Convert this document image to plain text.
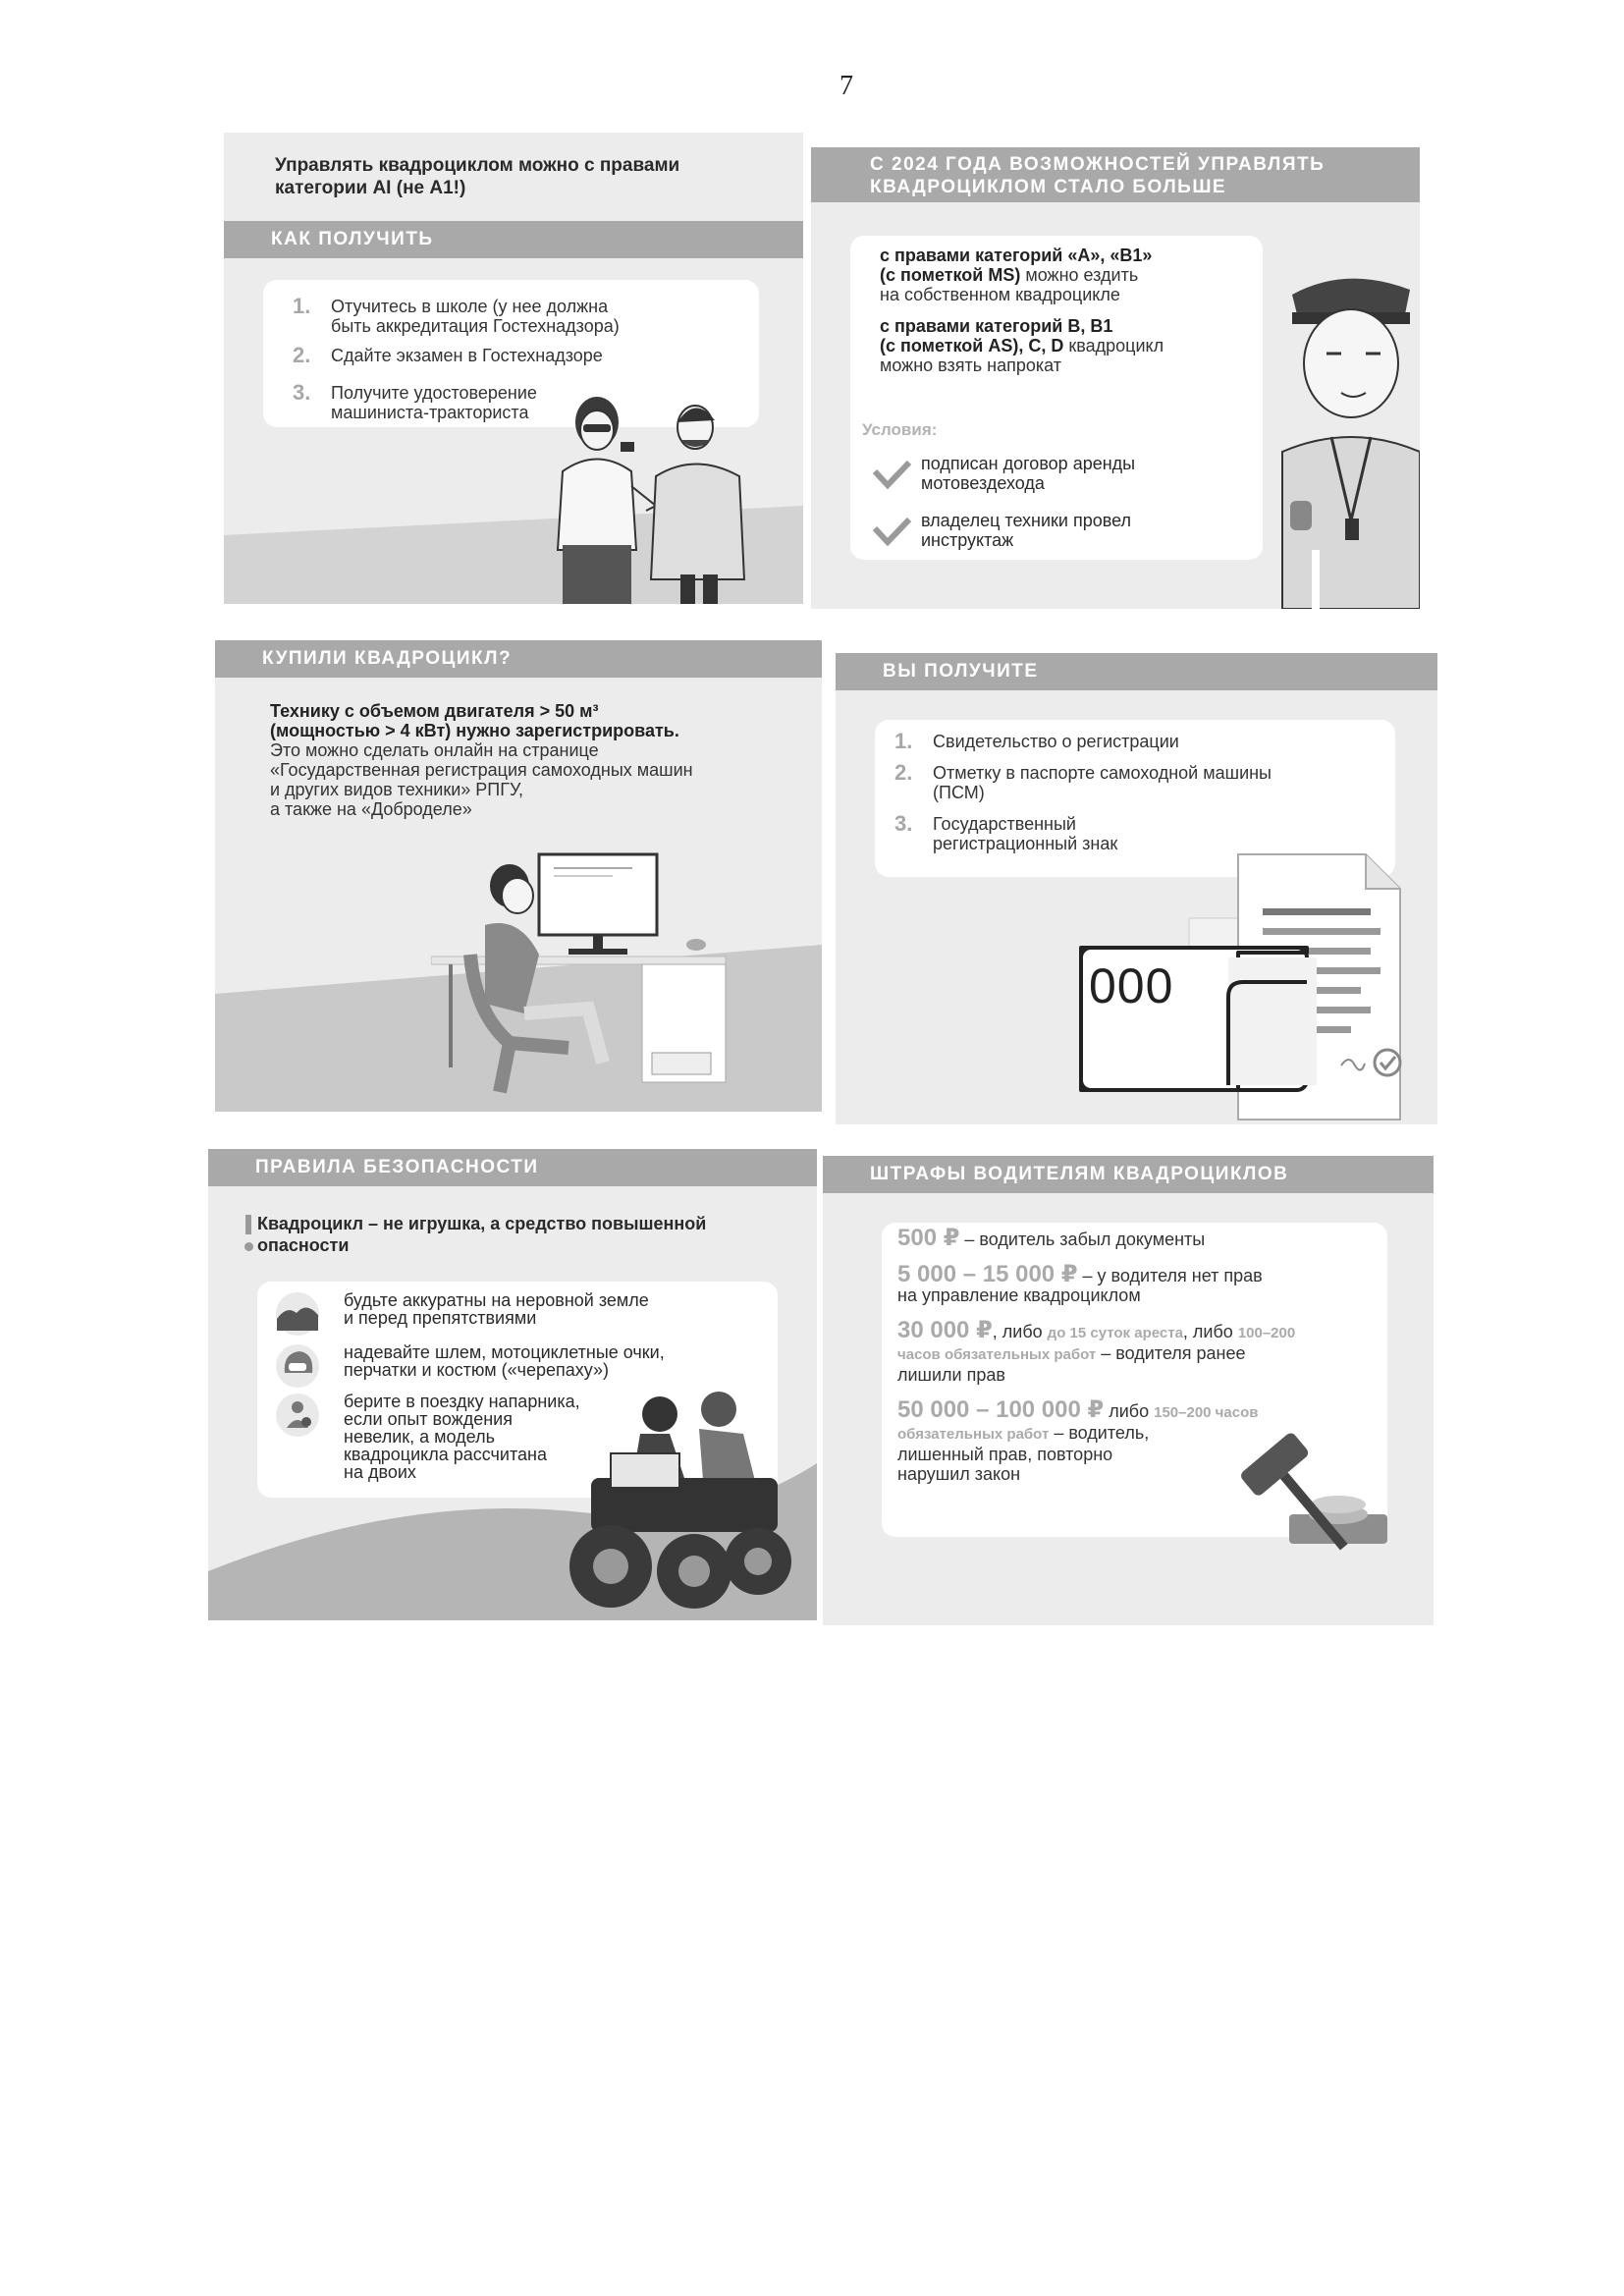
7
Управлять квадроциклом можно с правами
категории AI (не A1!)
КАК ПОЛУЧИТЬ
1. Отучитесь в школе (у нее должна
быть аккредитация Гостехнадзора)
2. Сдайте экзамен в Гостехнадзоре
3. Получите удостоверение
машиниста-тракториста
С 2024 ГОДА ВОЗМОЖНОСТЕЙ УПРАВЛЯТЬ
КВАДРОЦИКЛОМ СТАЛО БОЛЬШЕ
с правами категорий «A», «B1»
(с пометкой MS) можно ездить
на собственном квадроцикле
с правами категорий B, B1
(с пометкой AS), C, D квадроцикл
можно взять напрокат
Условия:
подписан договор аренды
мотовездехода
владелец техники провел
инструктаж
КУПИЛИ КВАДРОЦИКЛ?
Технику с объемом двигателя > 50 м³
(мощностью > 4 кВт) нужно зарегистрировать.
Это можно сделать онлайн на странице
«Государственная регистрация самоходных машин
и других видов техники» РПГУ,
а также на «Доброделе»
ВЫ ПОЛУЧИТЕ
1. Свидетельство о регистрации
2. Отметку в паспорте самоходной машины
(ПСМ)
3. Государственный
регистрационный знак
000
ПРАВИЛА БЕЗОПАСНОСТИ
Квадроцикл – не игрушка, а средство повышенной
опасности
будьте аккуратны на неровной земле
и перед препятствиями
надевайте шлем, мотоциклетные очки,
перчатки и костюм («черепаху»)
берите в поездку напарника,
если опыт вождения
невелик, а модель
квадроцикла рассчитана
на двоих
ШТРАФЫ ВОДИТЕЛЯМ КВАДРОЦИКЛОВ
500 ₽ – водитель забыл документы
5 000 – 15 000 ₽ – у водителя нет прав
на управление квадроциклом
30 000 ₽, либо до 15 суток ареста, либо 100–200
часов обязательных работ – водителя ранее
лишили прав
50 000 – 100 000 ₽ либо 150–200 часов
обязательных работ – водитель,
лишенный прав, повторно
нарушил закон
